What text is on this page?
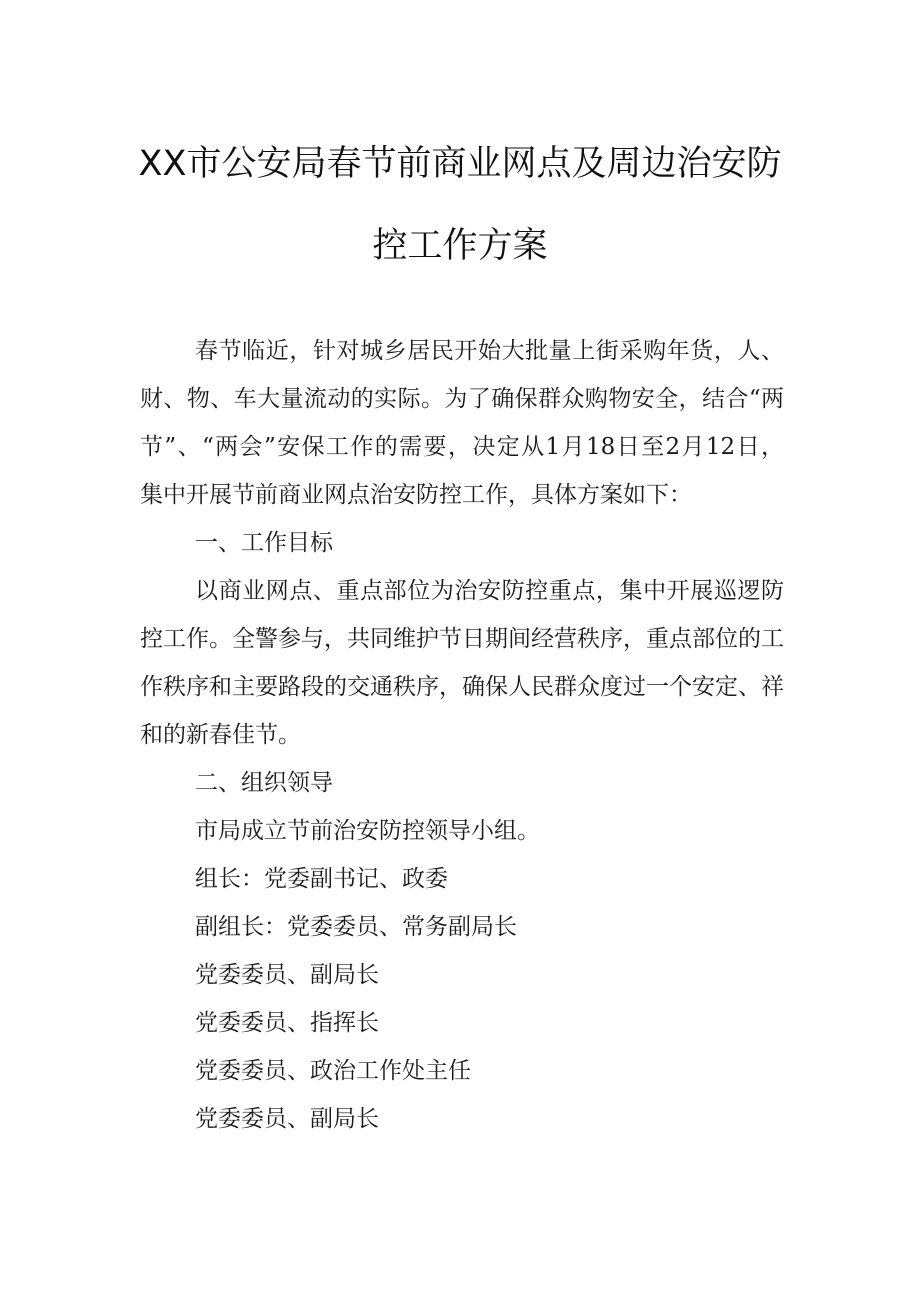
XX市公安局春节前商业网点及周边治安防
控工作方案

春节临近，针对城乡居民开始大批量上街采购年货，人、

财、物、车大量流动的实际。为了确保群众购物安全，结合“两

节”、“两会”安保工作的需要，决定从1月18日至2月12日，

集中开展节前商业网点治安防控工作，具体方案如下：

一、工作目标

以商业网点、重点部位为治安防控重点，集中开展巡逻防

控工作。全警参与，共同维护节日期间经营秩序，重点部位的工

作秩序和主要路段的交通秩序，确保人民群众度过一个安定、祥

和的新春佳节。

二、组织领导

市局成立节前治安防控领导小组。

组长：党委副书记、政委

副组长：党委委员、常务副局长

党委委员、副局长

党委委员、指挥长

党委委员、政治工作处主任

党委委员、副局长
